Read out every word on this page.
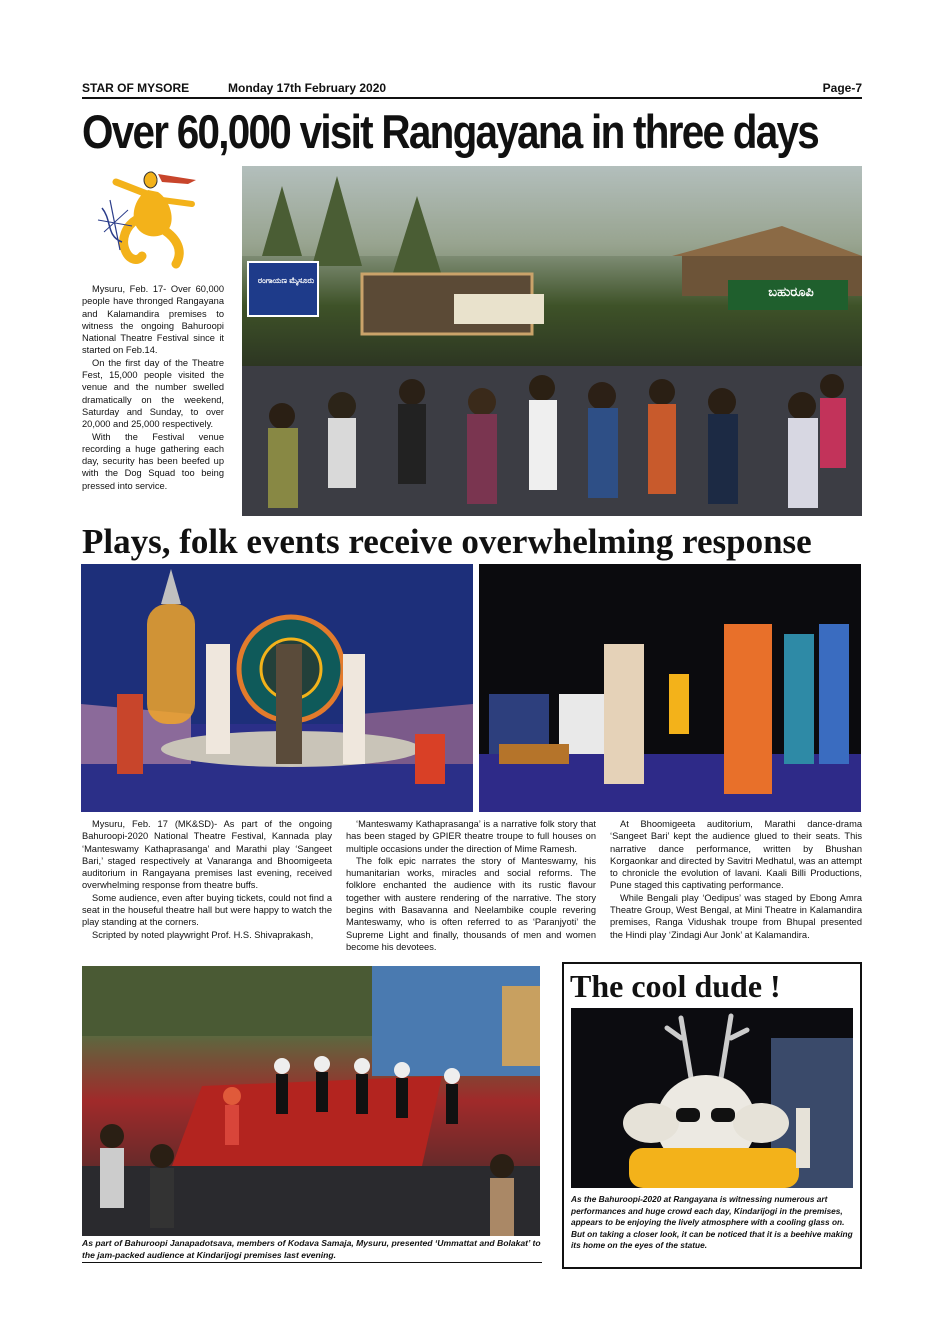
STAR OF MYSORE	Monday 17th February 2020	Page-7
Over 60,000 visit Rangayana in three days

Mysuru, Feb. 17- Over 60,000 people have thronged Rangayana and Kalamandira premises to witness the ongoing Bahuroopi National Theatre Festival since it started on Feb.14.

On the first day of the Theatre Fest, 15,000 people visited the venue and the number swelled dramatically on the weekend, Saturday and Sunday, to over 20,000 and 25,000 respectively.

With the Festival venue recording a huge gathering each day, security has been beefed up with the Dog Squad too being pressed into service.

ರಂಗಾಯಣ ಮೈಸೂರು
ಬಹುರೂಪಿ
Plays, folk events receive overwhelming response

Mysuru, Feb. 17 (MK&SD)- As part of the ongoing Bahuroopi-2020 National Theatre Festival, Kannada play ‘Manteswamy Kathaprasanga’ and Marathi play ‘Sangeet Bari,’ staged respectively at Vanaranga and Bhoomigeeta auditorium in Rangayana premises last evening, received overwhelming response from theatre buffs.

Some audience, even after buying tickets, could not find a seat in the houseful theatre hall but were happy to watch the play standing at the corners.

Scripted by noted playwright Prof. H.S. Shivaprakash,

‘Manteswamy Kathaprasanga’ is a narrative folk story that has been staged by GPIER theatre troupe to full houses on multiple occasions under the direction of Mime Ramesh.

The folk epic narrates the story of Manteswamy, his humanitarian works, miracles and social reforms. The folklore enchanted the audience with its rustic flavour together with austere rendering of the narrative. The story begins with Basavanna and Neelambike couple revering Manteswamy, who is often referred to as ‘Paranjyoti’ the Supreme Light and finally, thousands of men and women become his devotees.

At Bhoomigeeta auditorium, Marathi dance-drama ‘Sangeet Bari’ kept the audience glued to their seats. This narrative dance performance, written by Bhushan Korgaonkar and directed by Savitri Medhatul, was an attempt to chronicle the evolution of lavani. Kaali Billi Productions, Pune staged this captivating performance.

While Bengali play ‘Oedipus’ was staged by Ebong Amra Theatre Group, West Bengal, at Mini Theatre in Kalamandira premises, Ranga Vidushak troupe from Bhupal presented the Hindi play ‘Zindagi Aur Jonk’ at Kalamandira.

As part of Bahuroopi Janapadotsava, members of Kodava Samaja, Mysuru, presented ‘Ummattat and Bolakat’ to the jam-packed audience at Kindarijogi premises last evening.
The cool dude !
As the Bahuroopi-2020 at Rangayana is witnessing numerous art performances and huge crowd each day, Kindarijogi in the premises, appears to be enjoying the lively atmosphere with a cooling glass on. But on taking a closer look, it can be noticed that it is a beehive making its home on the eyes of the statue.
